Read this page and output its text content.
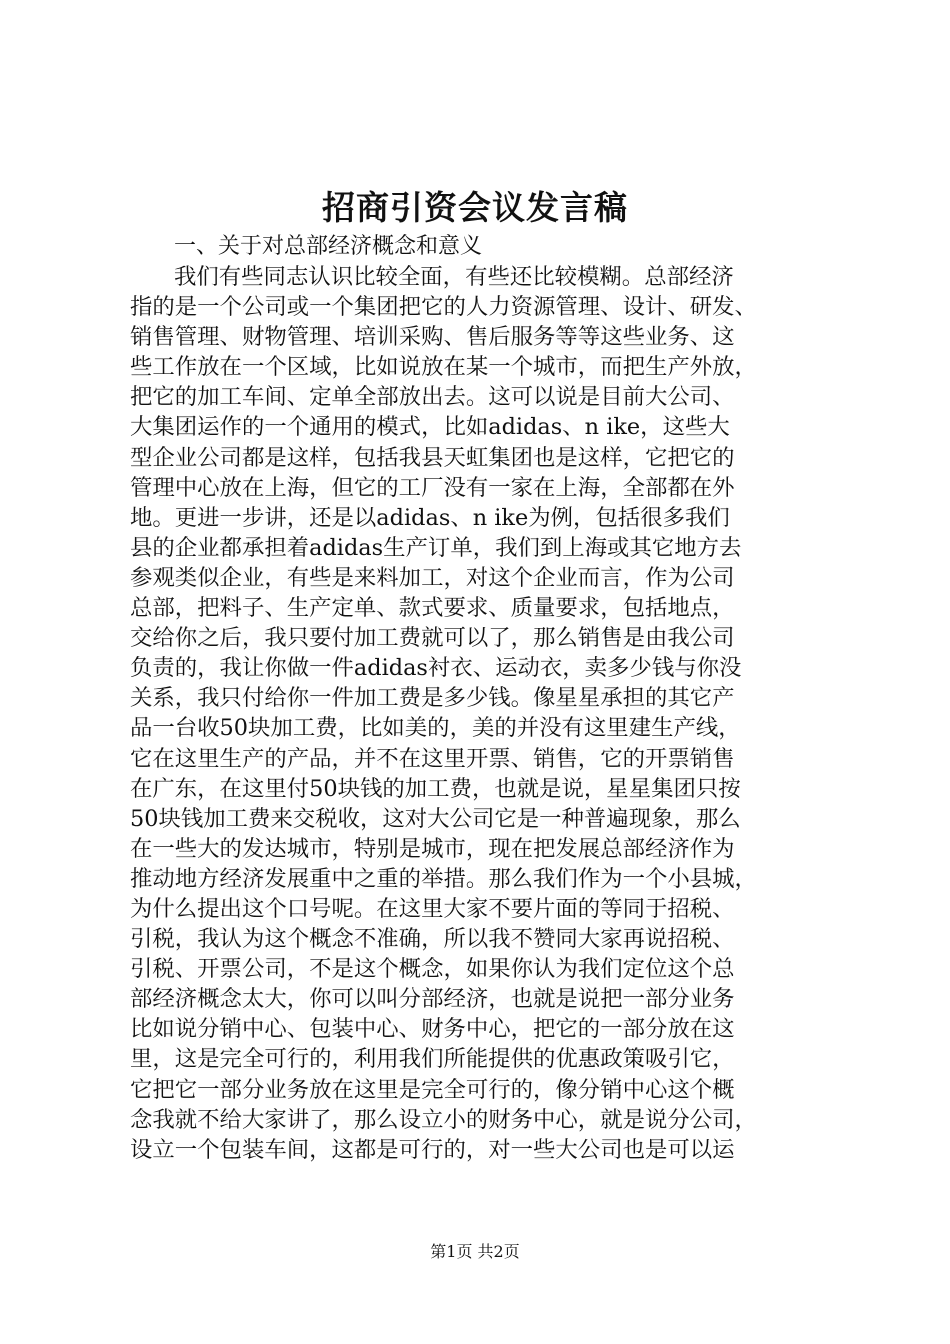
招商引资会议发言稿

一、关于对总部经济概念和意义

我们有些同志认识比较全面，有些还比较模糊。总部经济
指的是一个公司或一个集团把它的人力资源管理、设计、研发、
销售管理、财物管理、培训采购、售后服务等等这些业务、这
些工作放在一个区域，比如说放在某一个城市，而把生产外放，
把它的加工车间、定单全部放出去。这可以说是目前大公司、
大集团运作的一个通用的模式，比如adidas、n ike，这些大
型企业公司都是这样，包括我县天虹集团也是这样，它把它的
管理中心放在上海，但它的工厂没有一家在上海，全部都在外
地。更进一步讲，还是以adidas、n ike为例，包括很多我们
县的企业都承担着adidas生产订单，我们到上海或其它地方去
参观类似企业，有些是来料加工，对这个企业而言，作为公司
总部，把料子、生产定单、款式要求、质量要求，包括地点，
交给你之后，我只要付加工费就可以了，那么销售是由我公司
负责的，我让你做一件adidas衬衣、运动衣，卖多少钱与你没
关系，我只付给你一件加工费是多少钱。像星星承担的其它产
品一台收50块加工费，比如美的，美的并没有这里建生产线，
它在这里生产的产品，并不在这里开票、销售，它的开票销售
在广东，在这里付50块钱的加工费，也就是说，星星集团只按
50块钱加工费来交税收，这对大公司它是一种普遍现象，那么
在一些大的发达城市，特别是城市，现在把发展总部经济作为
推动地方经济发展重中之重的举措。那么我们作为一个小县城，
为什么提出这个口号呢。在这里大家不要片面的等同于招税、
引税，我认为这个概念不准确，所以我不赞同大家再说招税、
引税、开票公司，不是这个概念，如果你认为我们定位这个总
部经济概念太大，你可以叫分部经济，也就是说把一部分业务
比如说分销中心、包装中心、财务中心，把它的一部分放在这
里，这是完全可行的，利用我们所能提供的优惠政策吸引它，
它把它一部分业务放在这里是完全可行的，像分销中心这个概
念我就不给大家讲了，那么设立小的财务中心，就是说分公司，
设立一个包装车间，这都是可行的，对一些大公司也是可以运
第1页 共2页
